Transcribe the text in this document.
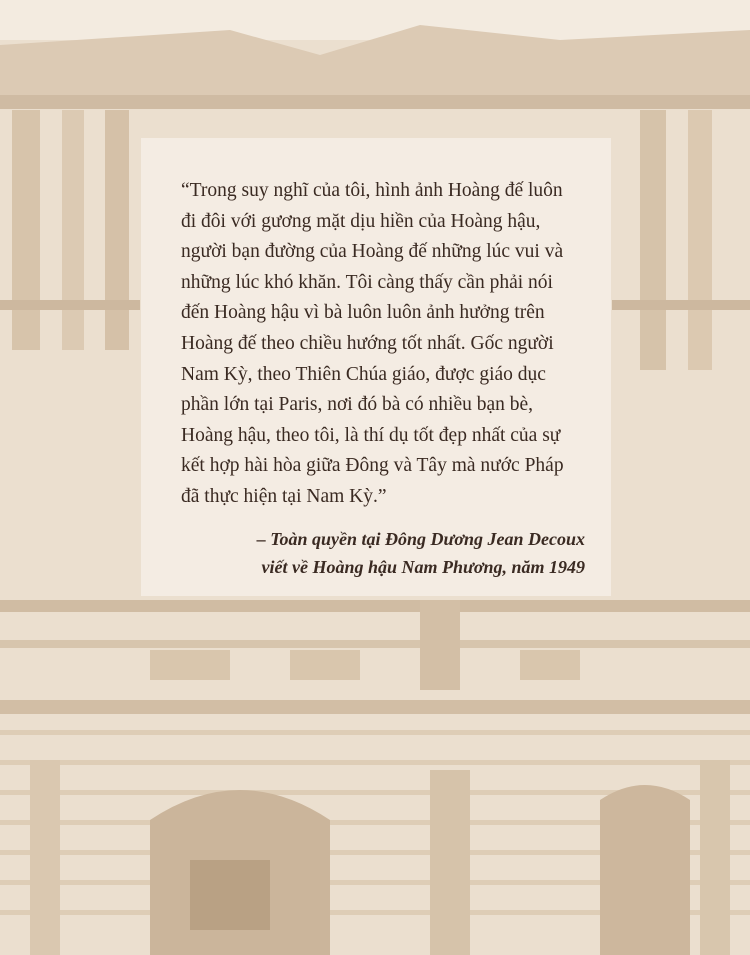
“Trong suy nghĩ của tôi, hình ảnh Hoàng đế luôn
đi đôi với gương mặt dịu hiền của Hoàng hậu,
người bạn đường của Hoàng đế những lúc vui và
những lúc khó khăn. Tôi càng thấy cần phải nói
đến Hoàng hậu vì bà luôn luôn ảnh hưởng trên
Hoàng đế theo chiều hướng tốt nhất. Gốc người
Nam Kỳ, theo Thiên Chúa giáo, được giáo dục
phần lớn tại Paris, nơi đó bà có nhiều bạn bè,
Hoàng hậu, theo tôi, là thí dụ tốt đẹp nhất của sự
kết hợp hài hòa giữa Đông và Tây mà nước Pháp
đã thực hiện tại Nam Kỳ.”

– Toàn quyền tại Đông Dương Jean Decoux
viết về Hoàng hậu Nam Phương, năm 1949
